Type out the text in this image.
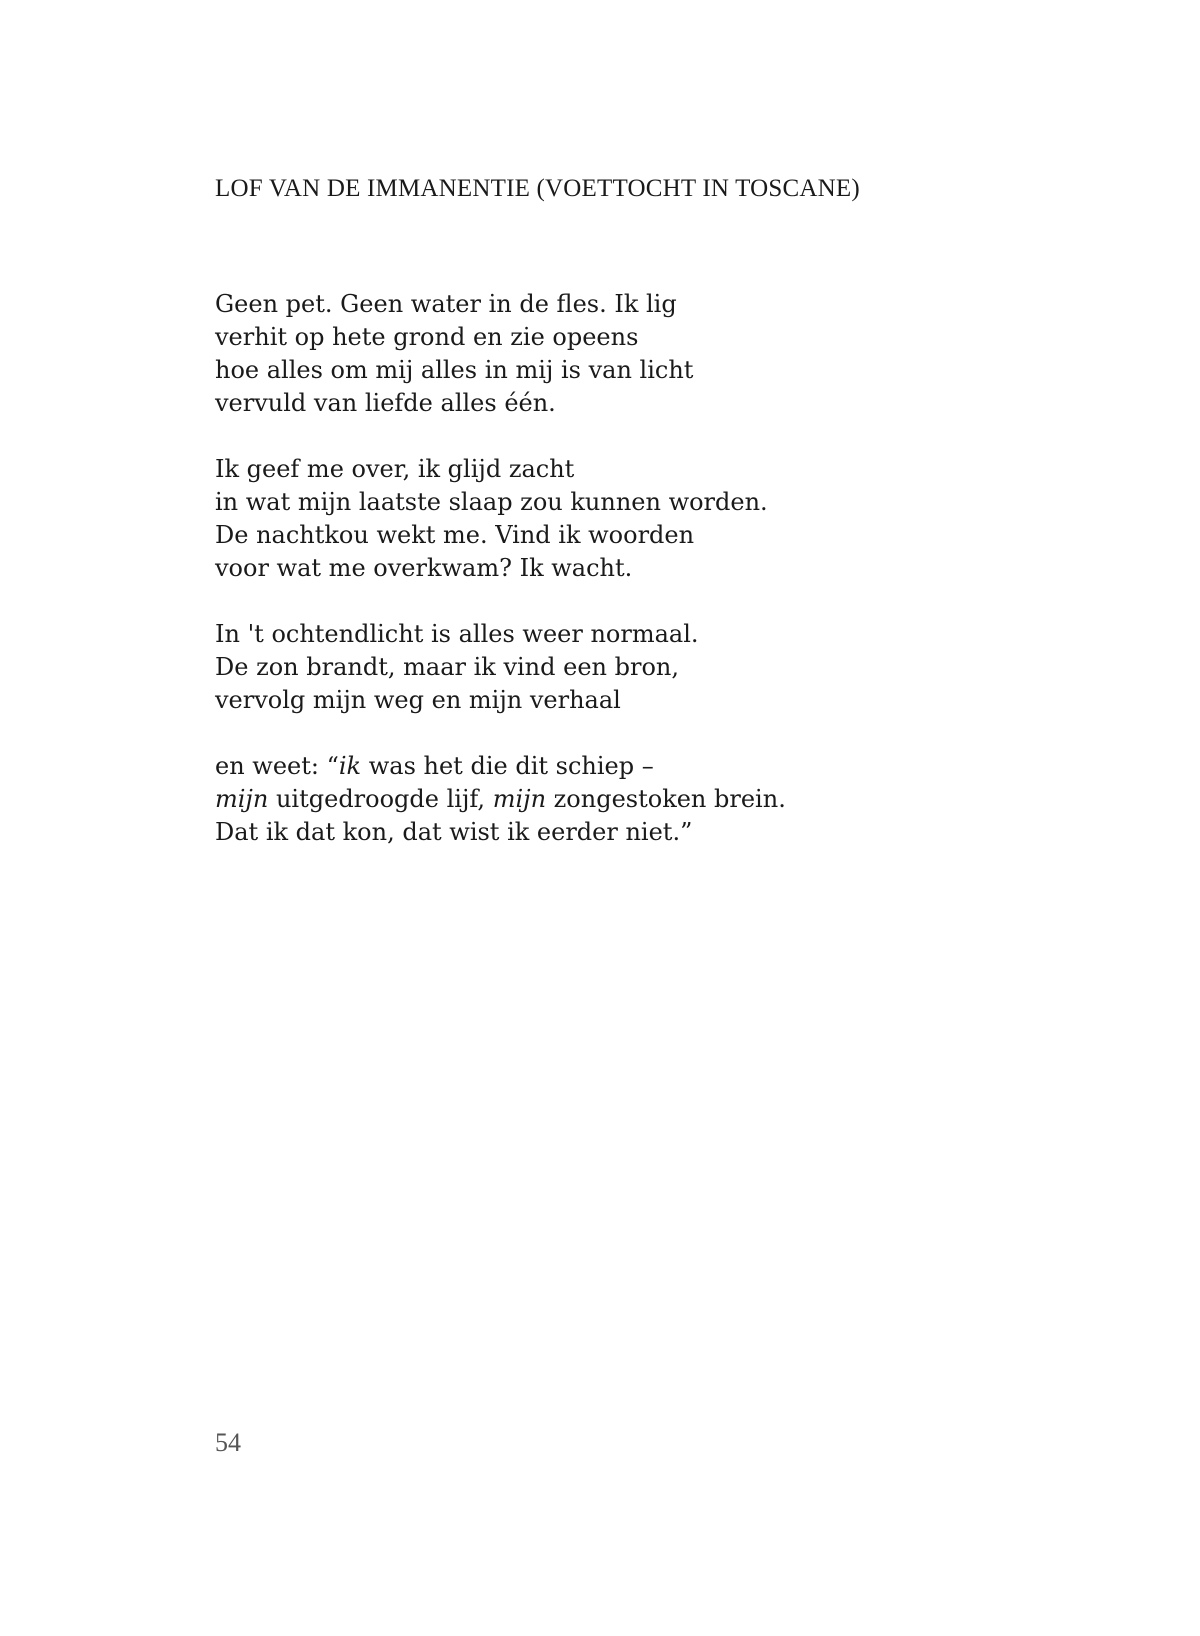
LOF VAN DE IMMANENTIE (VOETTOCHT IN TOSCANE)
Geen pet. Geen water in de fles. Ik lig
verhit op hete grond en zie opeens
hoe alles om mij alles in mij is van licht
vervuld van liefde alles één.
Ik geef me over, ik glijd zacht
in wat mijn laatste slaap zou kunnen worden.
De nachtkou wekt me. Vind ik woorden
voor wat me overkwam? Ik wacht.
In 't ochtendlicht is alles weer normaal.
De zon brandt, maar ik vind een bron,
vervolg mijn weg en mijn verhaal
en weet: “ik was het die dit schiep –
mijn uitgedroogde lijf, mijn zongestoken brein.
Dat ik dat kon, dat wist ik eerder niet.”
54
